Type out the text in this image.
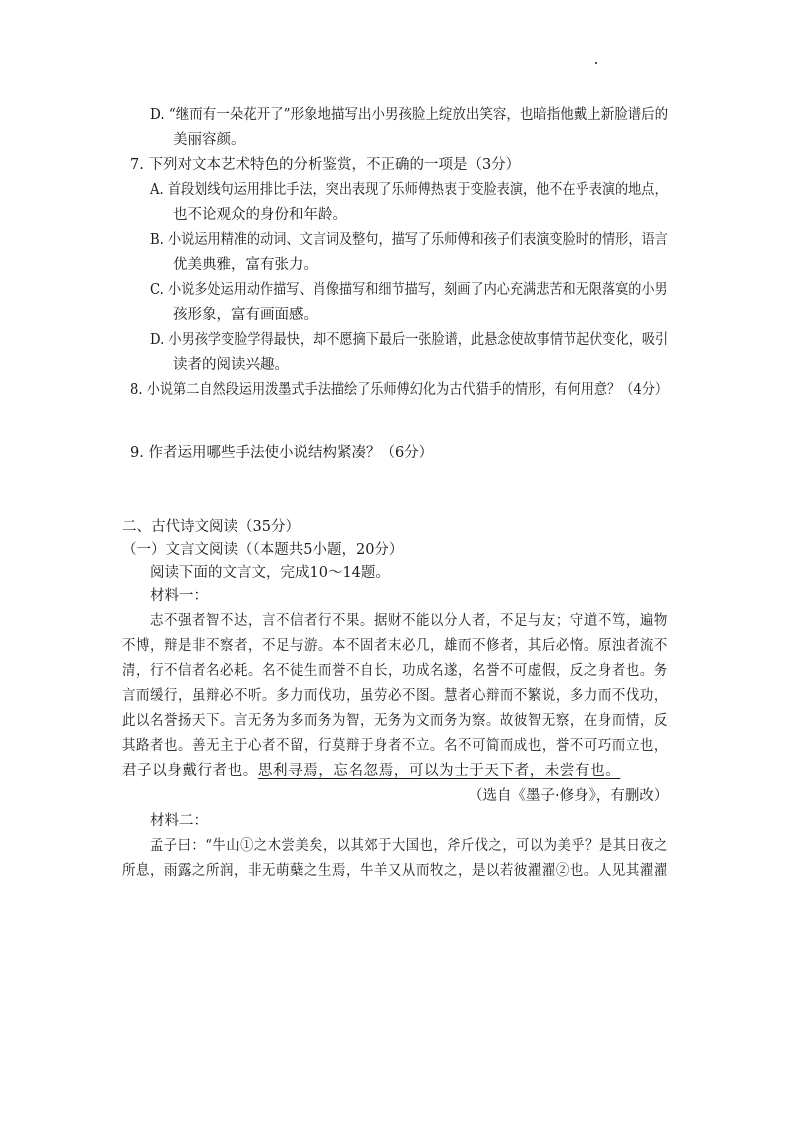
D. “继而有一朵花开了”形象地描写出小男孩脸上绽放出笑容，也暗指他戴上新脸谱后的
美丽容颜。
7. 下列对文本艺术特色的分析鉴赏，不正确的一项是（3分）
A. 首段划线句运用排比手法，突出表现了乐师傅热衷于变脸表演，他不在乎表演的地点，
也不论观众的身份和年龄。
B. 小说运用精准的动词、文言词及整句，描写了乐师傅和孩子们表演变脸时的情形，语言
优美典雅，富有张力。
C. 小说多处运用动作描写、肖像描写和细节描写，刻画了内心充满悲苦和无限落寞的小男
孩形象，富有画面感。
D. 小男孩学变脸学得最快，却不愿摘下最后一张脸谱，此悬念使故事情节起伏变化，吸引
读者的阅读兴趣。
8. 小说第二自然段运用泼墨式手法描绘了乐师傅幻化为古代猎手的情形，有何用意？（4分）
9. 作者运用哪些手法使小说结构紧凑？（6分）
二、古代诗文阅读（35分）
（一）文言文阅读（（本题共5小题，20分）
阅读下面的文言文，完成10～14题。
材料一：
志不强者智不达，言不信者行不果。据财不能以分人者，不足与友；守道不笃，遍物
不博，辩是非不察者，不足与游。本不固者末必几，雄而不修者，其后必惰。原浊者流不
清，行不信者名必耗。名不徒生而誉不自长，功成名遂，名誉不可虚假，反之身者也。务
言而缓行，虽辩必不听。多力而伐功，虽劳必不图。慧者心辩而不繁说，多力而不伐功，
此以名誉扬天下。言无务为多而务为智，无务为文而务为察。故彼智无察，在身而情，反
其路者也。善无主于心者不留，行莫辩于身者不立。名不可简而成也，誉不可巧而立也，
君子以身戴行者也。思利寻焉，忘名忽焉，可以为士于天下者，未尝有也。
（选自《墨子·修身》，有删改）
材料二：
孟子曰：“牛山①之木尝美矣，以其郊于大国也，斧斤伐之，可以为美乎？是其日夜之
所息，雨露之所润，非无萌蘖之生焉，牛羊又从而牧之，是以若彼濯濯②也。人见其濯濯
